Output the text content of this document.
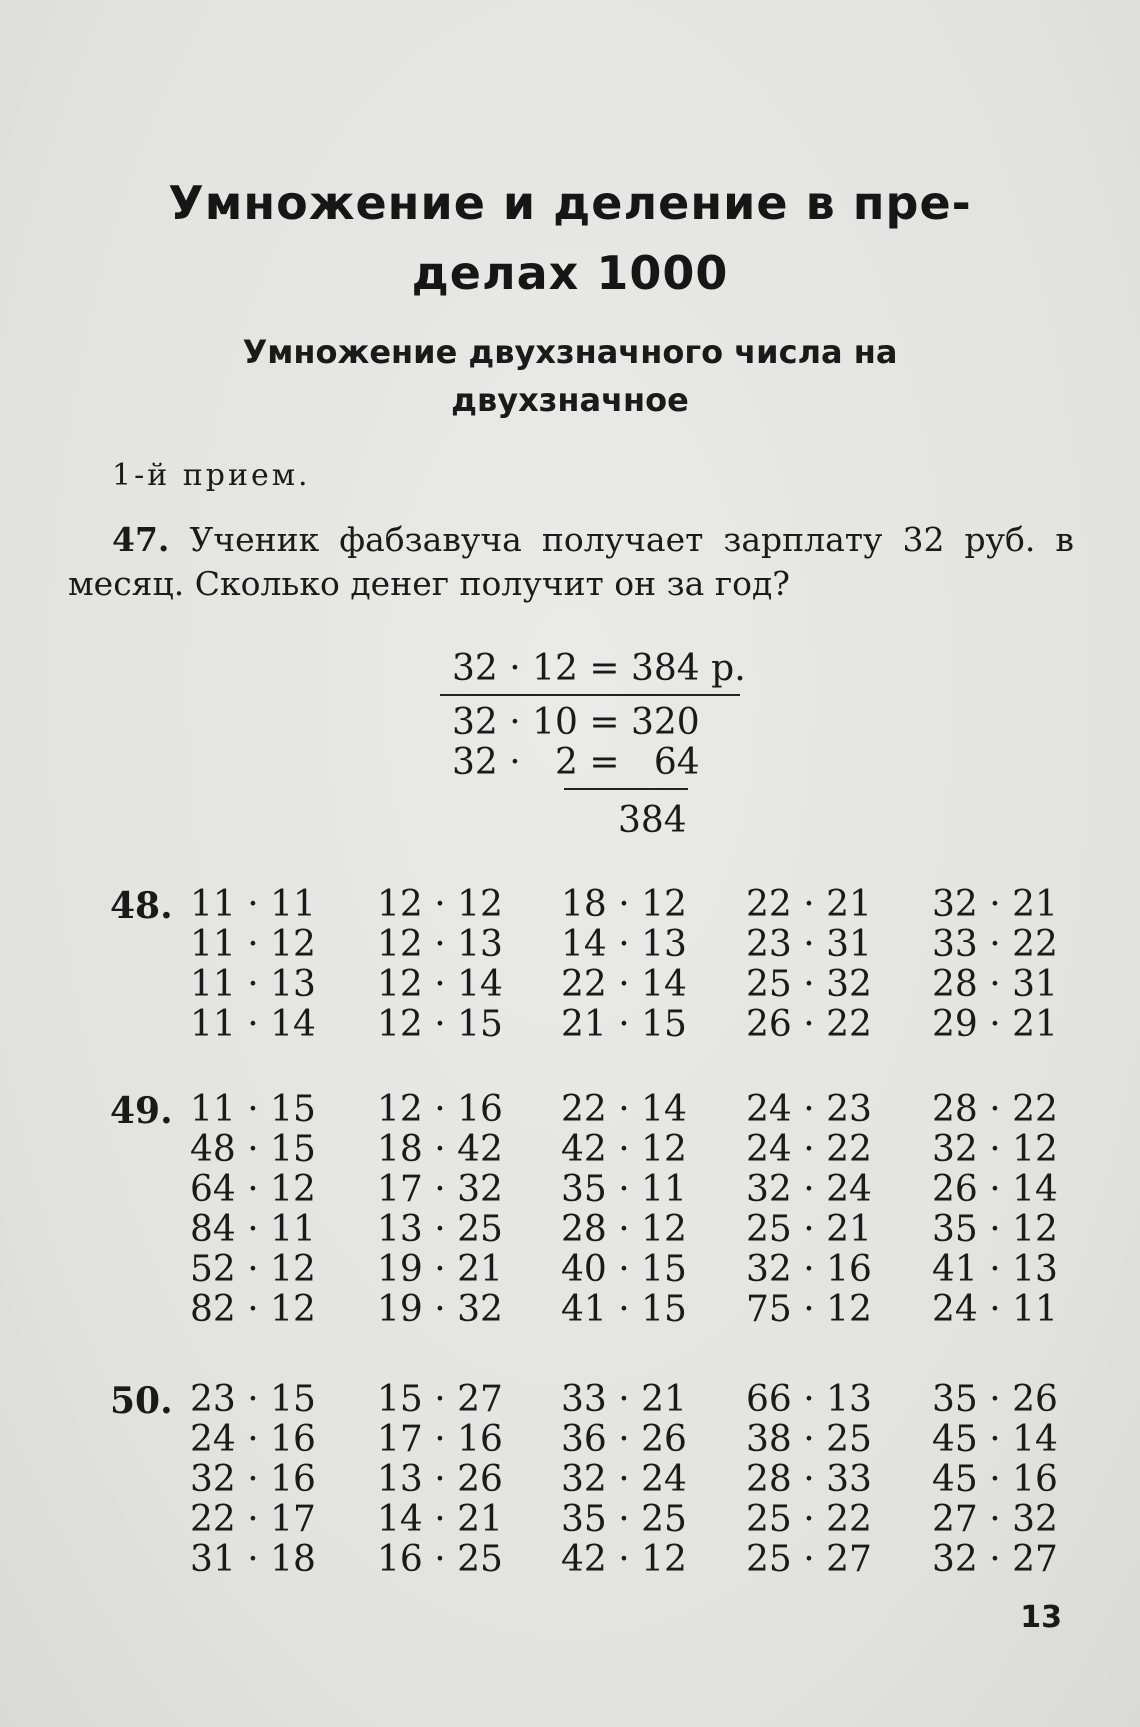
Умножение и деление в пре-
делах 1000
Умножение двухзначного числа на
двухзначное
1-й прием.
47. Ученик фабзавуча получает зарплату 32 руб. в месяц. Сколько денег получит он за год?
32 · 12 = 384 р.
32 · 10 = 320
32 ·   2 =   64
384
48. 11 · 11	12 · 12	18 · 12	22 · 21	32 · 21
11 · 12	12 · 13	14 · 13	23 · 31	33 · 22
11 · 13	12 · 14	22 · 14	25 · 32	28 · 31
11 · 14	12 · 15	21 · 15	26 · 22	29 · 21
49. 11 · 15	12 · 16	22 · 14	24 · 23	28 · 22
48 · 15	18 · 42	42 · 12	24 · 22	32 · 12
64 · 12	17 · 32	35 · 11	32 · 24	26 · 14
84 · 11	13 · 25	28 · 12	25 · 21	35 · 12
52 · 12	19 · 21	40 · 15	32 · 16	41 · 13
82 · 12	19 · 32	41 · 15	75 · 12	24 · 11
50. 23 · 15	15 · 27	33 · 21	66 · 13	35 · 26
24 · 16	17 · 16	36 · 26	38 · 25	45 · 14
32 · 16	13 · 26	32 · 24	28 · 33	45 · 16
22 · 17	14 · 21	35 · 25	25 · 22	27 · 32
31 · 18	16 · 25	42 · 12	25 · 27	32 · 27
13
